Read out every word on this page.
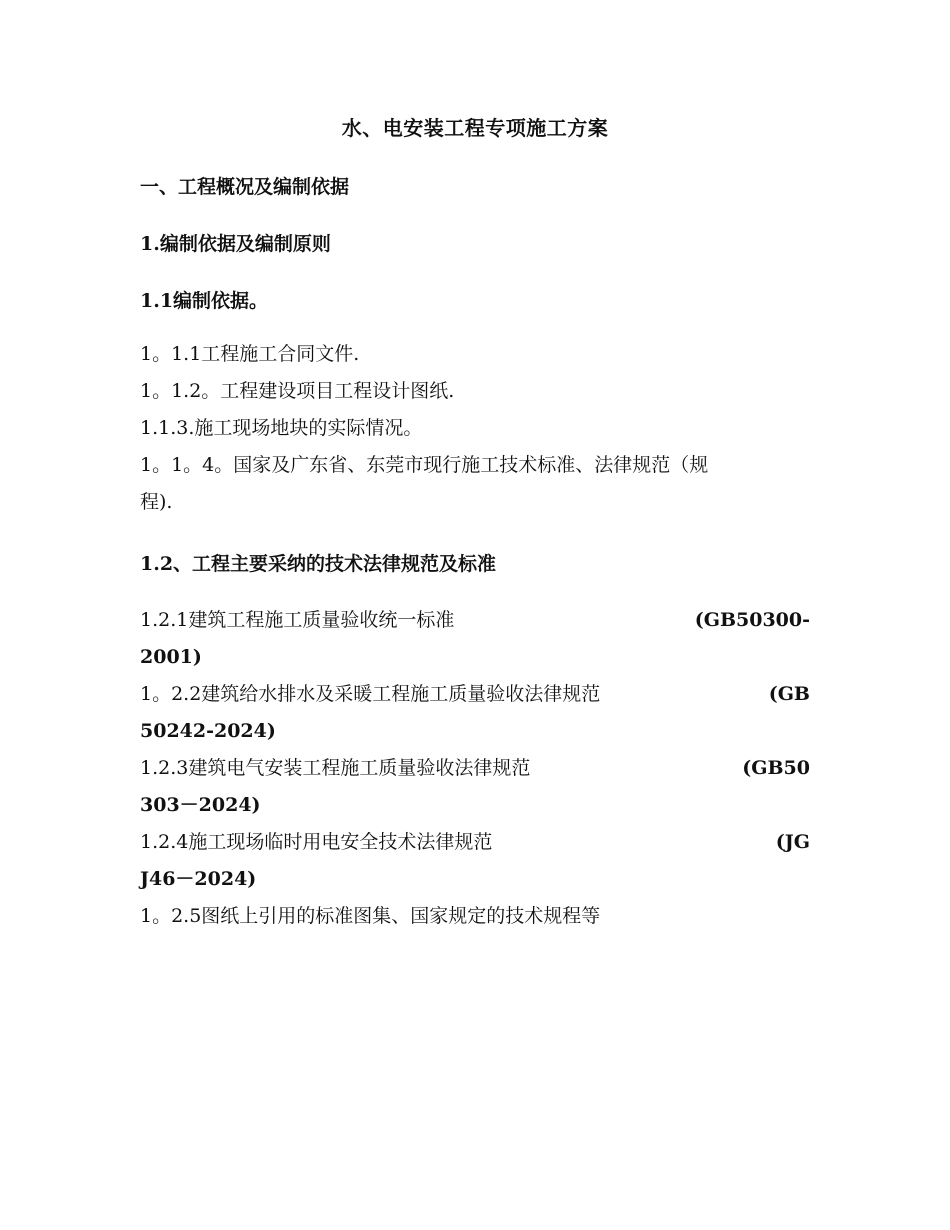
水、电安装工程专项施工方案
一、工程概况及编制依据
1.编制依据及编制原则
1.1编制依据。
1。1.1工程施工合同文件.
1。1.2。工程建设项目工程设计图纸.
1.1.3.施工现场地块的实际情况。
1。1。4。国家及广东省、东莞市现行施工技术标准、法律规范（规
程).
1.2、工程主要采纳的技术法律规范及标准
1.2.1建筑工程施工质量验收统一标准	(GB50300-
2001)
1。2.2建筑给水排水及采暖工程施工质量验收法律规范	(GB
50242-2024)
1.2.3建筑电气安装工程施工质量验收法律规范	(GB50
303－2024)
1.2.4施工现场临时用电安全技术法律规范	(JG
J46－2024)
1。2.5图纸上引用的标准图集、国家规定的技术规程等
